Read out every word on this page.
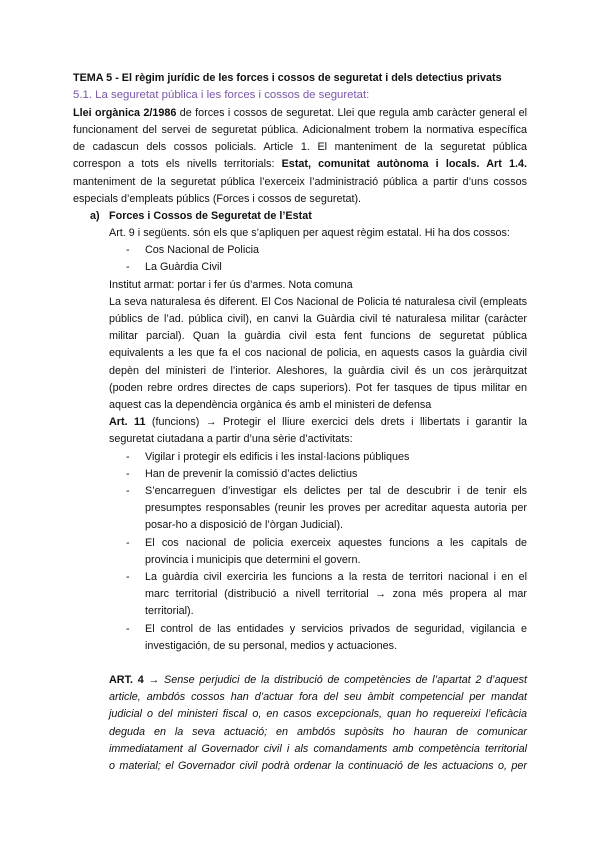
TEMA 5 - El règim jurídic de les forces i cossos de seguretat i dels detectius privats
5.1. La seguretat pública i les forces i cossos de seguretat:
Llei orgànica 2/1986 de forces i cossos de seguretat. Llei que regula amb caràcter general el
funcionament del servei de seguretat pública. Adicionalment trobem la normativa específica
de cadascun dels cossos policials. Article 1. El manteniment de la seguretat pública
correspon a tots els nivells territorials: Estat, comunitat autònoma i locals. Art 1.4.
manteniment de la seguretat pública l’exerceix l’administració pública a partir d’uns cossos
especials d’empleats públics (Forces i cossos de seguretat).
a) Forces i Cossos de Seguretat de l’Estat
Art. 9 i següents. són els que s’apliquen per aquest règim estatal. Hi ha dos cossos:
- Cos Nacional de Policia
- La Guàrdia Civil
Institut armat: portar i fer ús d’armes. Nota comuna
La seva naturalesa és diferent. El Cos Nacional de Policia té naturalesa civil (empleats
públics de l’ad. pública civil), en canvi la Guàrdia civil té naturalesa militar (caràcter
militar parcial). Quan la guàrdia civil esta fent funcions de seguretat pública
equivalents a les que fa el cos nacional de policia, en aquests casos la guàrdia civil
depèn del ministeri de l’interior. Aleshores, la guàrdia civil és un cos jeràrquitzat
(poden rebre ordres directes de caps superiors). Pot fer tasques de tipus militar en
aquest cas la dependència orgànica és amb el ministeri de defensa
Art. 11 (funcions) → Protegir el lliure exercici dels drets i llibertats i garantir la
seguretat ciutadana a partir d’una sèrie d’activitats:
- Vigilar i protegir els edificis i les instal·lacions públiques
- Han de prevenir la comissió d’actes delictius
- S’encarreguen d’investigar els delictes per tal de descubrir i de tenir els
presumptes responsables (reunir les proves per acreditar aquesta autoria per
posar-ho a disposició de l’òrgan Judicial).
- El cos nacional de policia exerceix aquestes funcions a les capitals de
provincia i municipis que determini el govern.
- La guàrdia civil exerciria les funcions a la resta de territori nacional i en el
marc territorial (distribució a nivell territorial → zona més propera al mar
territorial).
- El control de las entidades y servicios privados de seguridad, vigilancia e
investigación, de su personal, medios y actuaciones.
ART. 4 → Sense perjudici de la distribució de competències de l’apartat 2 d’aquest
article, ambdós cossos han d’actuar fora del seu àmbit competencial per mandat
judicial o del ministeri fiscal o, en casos excepcionals, quan ho requereixi l’eficàcia
deguda en la seva actuació; en ambdós supòsits ho hauran de comunicar
immediatament al Governador civil i als comandaments amb competència territorial
o material; el Governador civil podrà ordenar la continuació de les actuacions o, per
